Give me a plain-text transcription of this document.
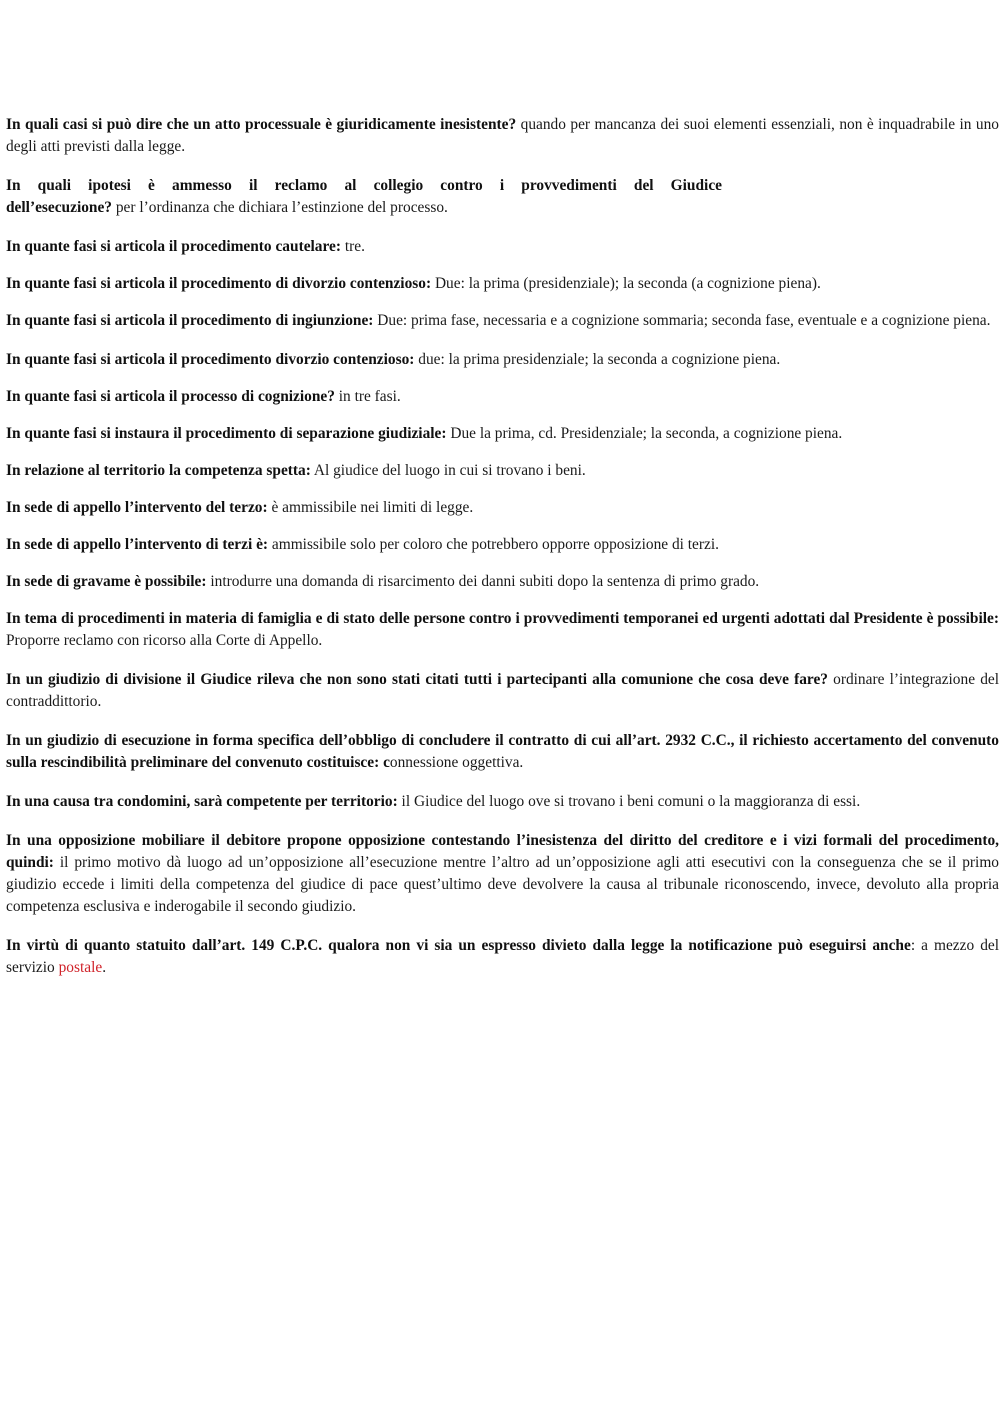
In quali casi si può dire che un atto processuale è giuridicamente inesistente? quando per mancanza dei suoi elementi essenziali, non è inquadrabile in uno degli atti previsti dalla legge.

In quali ipotesi è ammesso il reclamo al collegio contro i provvedimenti del Giudice
dell’esecuzione? per l’ordinanza che dichiara l’estinzione del processo.

In quante fasi si articola il procedimento cautelare: tre.

In quante fasi si articola il procedimento di divorzio contenzioso: Due: la prima (presidenziale); la seconda (a cognizione piena).

In quante fasi si articola il procedimento di ingiunzione: Due: prima fase, necessaria e a cognizione sommaria; seconda fase, eventuale e a cognizione piena.

In quante fasi si articola il procedimento divorzio contenzioso: due: la prima presidenziale; la seconda a cognizione piena.

In quante fasi si articola il processo di cognizione? in tre fasi.

In quante fasi si instaura il procedimento di separazione giudiziale: Due la prima, cd. Presidenziale; la seconda, a cognizione piena.

In relazione al territorio la competenza spetta: Al giudice del luogo in cui si trovano i beni.

In sede di appello l’intervento del terzo: è ammissibile nei limiti di legge.

In sede di appello l’intervento di terzi è: ammissibile solo per coloro che potrebbero opporre opposizione di terzi.

In sede di gravame è possibile: introdurre una domanda di risarcimento dei danni subiti dopo la sentenza di primo grado.

In tema di procedimenti in materia di famiglia e di stato delle persone contro i provvedimenti temporanei ed urgenti adottati dal Presidente è possibile: Proporre reclamo con ricorso alla Corte di Appello.

In un giudizio di divisione il Giudice rileva che non sono stati citati tutti i partecipanti alla comunione che cosa deve fare? ordinare l’integrazione del contraddittorio.

In un giudizio di esecuzione in forma specifica dell’obbligo di concludere il contratto di cui all’art. 2932 C.C., il richiesto accertamento del convenuto sulla rescindibilità preliminare del convenuto costituisce: connessione oggettiva.

In una causa tra condomini, sarà competente per territorio: il Giudice del luogo ove si trovano i beni comuni o la maggioranza di essi.

In una opposizione mobiliare il debitore propone opposizione contestando l’inesistenza del diritto del creditore e i vizi formali del procedimento, quindi: il primo motivo dà luogo ad un’opposizione all’esecuzione mentre l’altro ad un’opposizione agli atti esecutivi con la conseguenza che se il primo giudizio eccede i limiti della competenza del giudice di pace quest’ultimo deve devolvere la causa al tribunale riconoscendo, invece, devoluto alla propria competenza esclusiva e inderogabile il secondo giudizio.

In virtù di quanto statuito dall’art. 149 C.P.C. qualora non vi sia un espresso divieto dalla legge la notificazione può eseguirsi anche: a mezzo del servizio postale.
